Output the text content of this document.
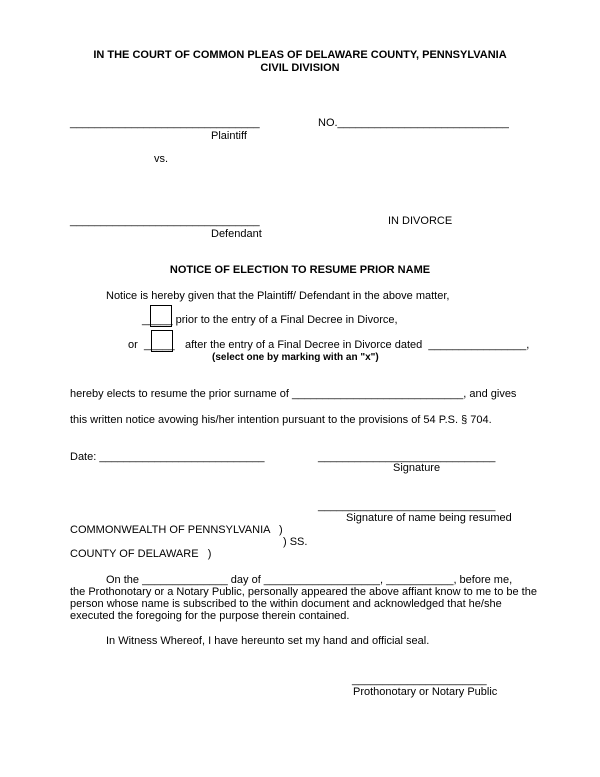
IN THE COURT OF COMMON PLEAS OF DELAWARE COUNTY, PENNSYLVANIA
CIVIL DIVISION
_______________________________	NO.____________________________
Plaintiff
vs.
_______________________________	IN DIVORCE
Defendant
NOTICE OF ELECTION TO RESUME PRIOR NAME
Notice is hereby given that the Plaintiff/ Defendant in the above matter,
_____ prior to the entry of a Final Decree in Divorce,
or _____ after the entry of a Final Decree in Divorce dated  ________________,
(select one by marking with an "x")
hereby elects to resume the prior surname of ____________________________, and gives
this written notice avowing his/her intention pursuant to the provisions of 54 P.S. § 704.
Date: ___________________________	_____________________________
Signature
_____________________________
Signature of name being resumed
COMMONWEALTH OF PENNSYLVANIA   )
) SS.
COUNTY OF DELAWARE   )
On the ______________ day of ___________________, ___________, before me,
the Prothonotary or a Notary Public, personally appeared the above affiant know to me to be the
person whose name is subscribed to the within document and acknowledged that he/she
executed the foregoing for the purpose therein contained.
In Witness Whereof, I have hereunto set my hand and official seal.
______________________
Prothonotary or Notary Public
